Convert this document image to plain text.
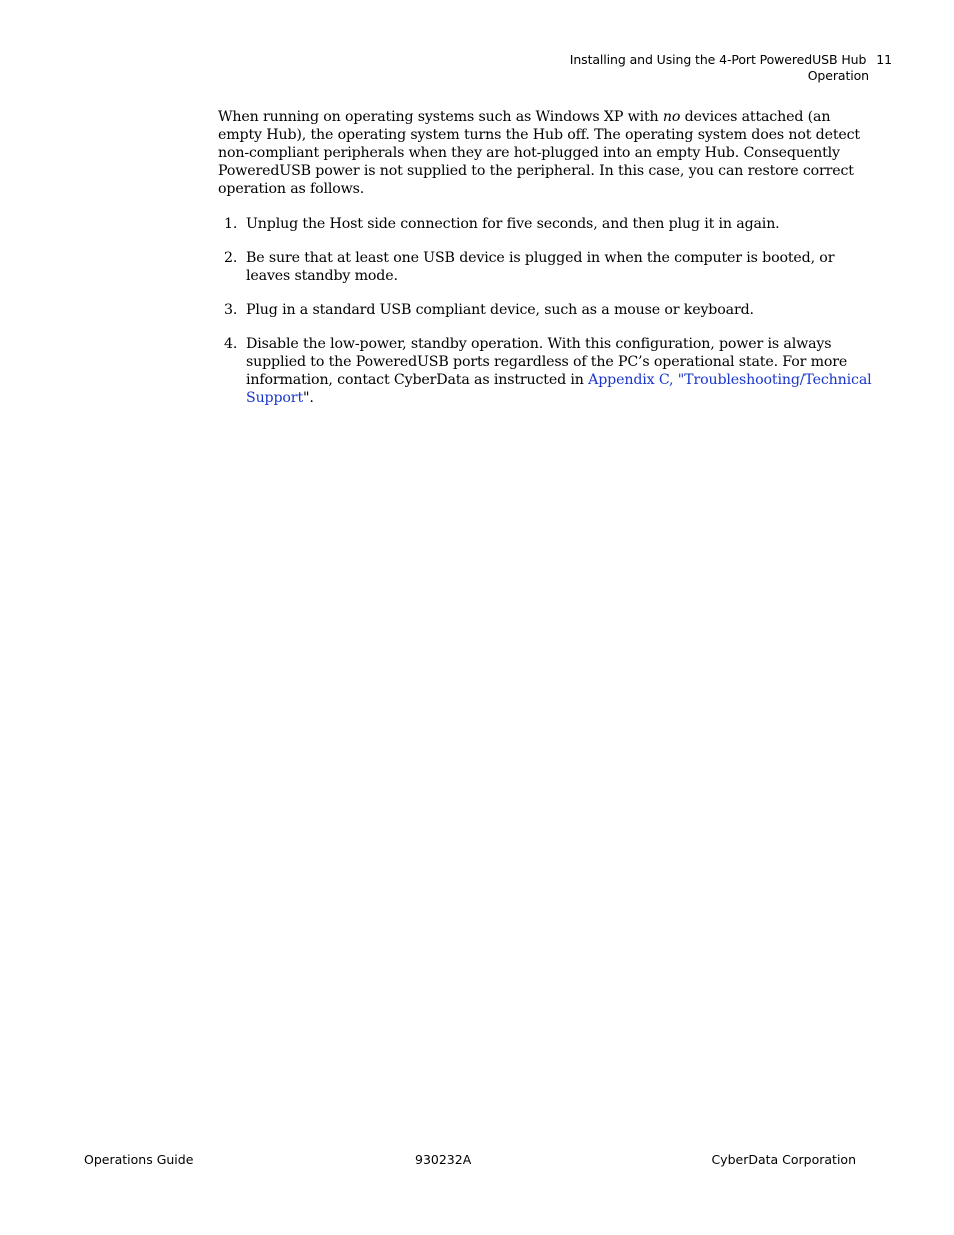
Installing and Using the 4-Port PoweredUSB Hub 11
Operation

When running on operating systems such as Windows XP with no devices attached (an empty Hub), the operating system turns the Hub off. The operating system does not detect non-compliant peripherals when they are hot-plugged into an empty Hub. Consequently PoweredUSB power is not supplied to the peripheral. In this case, you can restore correct operation as follows.

1. Unplug the Host side connection for five seconds, and then plug it in again.
2. Be sure that at least one USB device is plugged in when the computer is booted, or leaves standby mode.
3. Plug in a standard USB compliant device, such as a mouse or keyboard.
4. Disable the low-power, standby operation. With this configuration, power is always supplied to the PoweredUSB ports regardless of the PC’s operational state. For more information, contact CyberData as instructed in Appendix C, "Troubleshooting/Technical Support".
Operations Guide	930232A	CyberData Corporation
